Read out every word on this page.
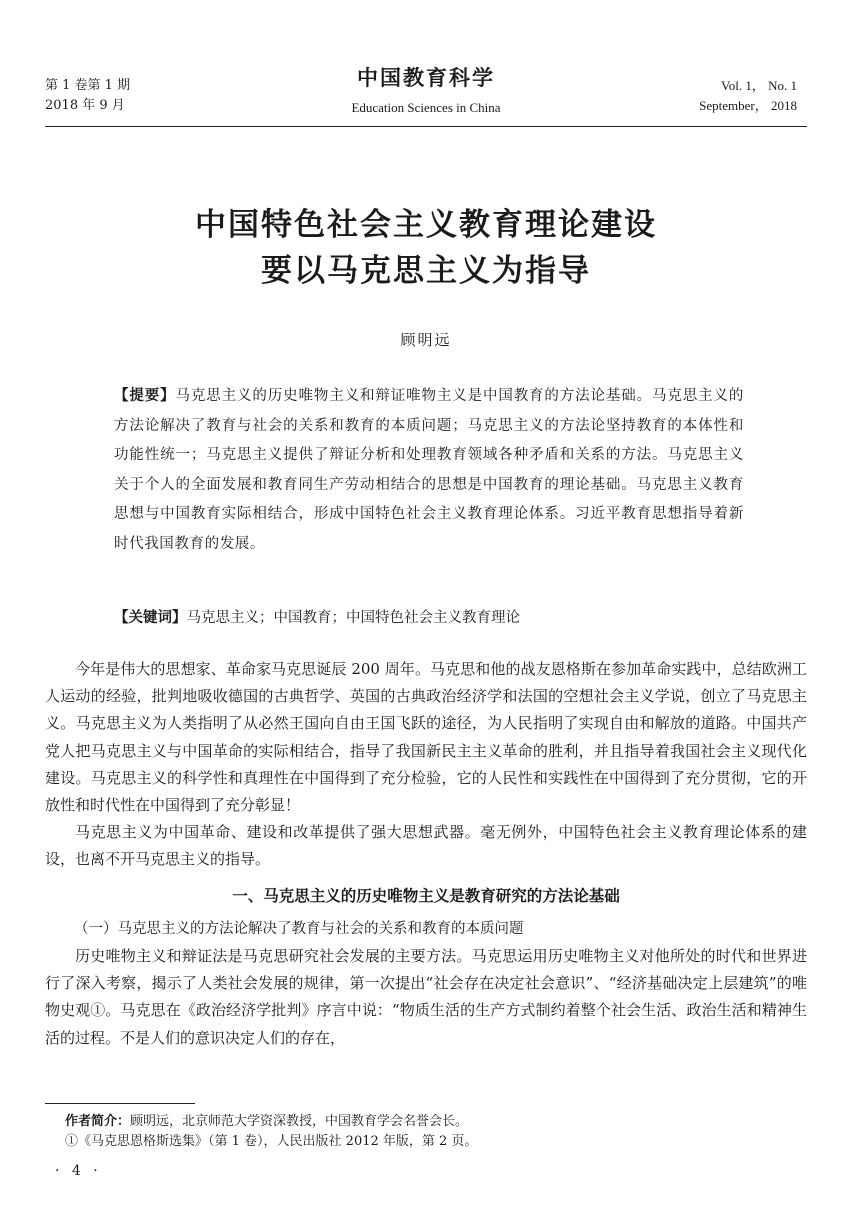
第 1 卷第 1 期
2018 年 9 月
中国教育科学
Education Sciences in China
Vol. 1， No. 1
September， 2018
中国特色社会主义教育理论建设
要以马克思主义为指导
顾明远
【提要】马克思主义的历史唯物主义和辩证唯物主义是中国教育的方法论基础。马克思主义的方法论解决了教育与社会的关系和教育的本质问题；马克思主义的方法论坚持教育的本体性和功能性统一；马克思主义提供了辩证分析和处理教育领域各种矛盾和关系的方法。马克思主义关于个人的全面发展和教育同生产劳动相结合的思想是中国教育的理论基础。马克思主义教育思想与中国教育实际相结合，形成中国特色社会主义教育理论体系。习近平教育思想指导着新时代我国教育的发展。
【关键词】马克思主义；中国教育；中国特色社会主义教育理论

今年是伟大的思想家、革命家马克思诞辰 200 周年。马克思和他的战友恩格斯在参加革命实践中，总结欧洲工人运动的经验，批判地吸收德国的古典哲学、英国的古典政治经济学和法国的空想社会主义学说，创立了马克思主义。马克思主义为人类指明了从必然王国向自由王国飞跃的途径，为人民指明了实现自由和解放的道路。中国共产党人把马克思主义与中国革命的实际相结合，指导了我国新民主主义革命的胜利，并且指导着我国社会主义现代化建设。马克思主义的科学性和真理性在中国得到了充分检验，它的人民性和实践性在中国得到了充分贯彻，它的开放性和时代性在中国得到了充分彰显！

马克思主义为中国革命、建设和改革提供了强大思想武器。毫无例外，中国特色社会主义教育理论体系的建设，也离不开马克思主义的指导。

一、马克思主义的历史唯物主义是教育研究的方法论基础
（一）马克思主义的方法论解决了教育与社会的关系和教育的本质问题

历史唯物主义和辩证法是马克思研究社会发展的主要方法。马克思运用历史唯物主义对他所处的时代和世界进行了深入考察，揭示了人类社会发展的规律，第一次提出“社会存在决定社会意识”、“经济基础决定上层建筑”的唯物史观①。马克思在《政治经济学批判》序言中说：“物质生活的生产方式制约着整个社会生活、政治生活和精神生活的过程。不是人们的意识决定人们的存在，

作者简介：顾明远，北京师范大学资深教授，中国教育学会名誉会长。
①《马克思恩格斯选集》（第 1 卷），人民出版社 2012 年版，第 2 页。
· 4 ·
